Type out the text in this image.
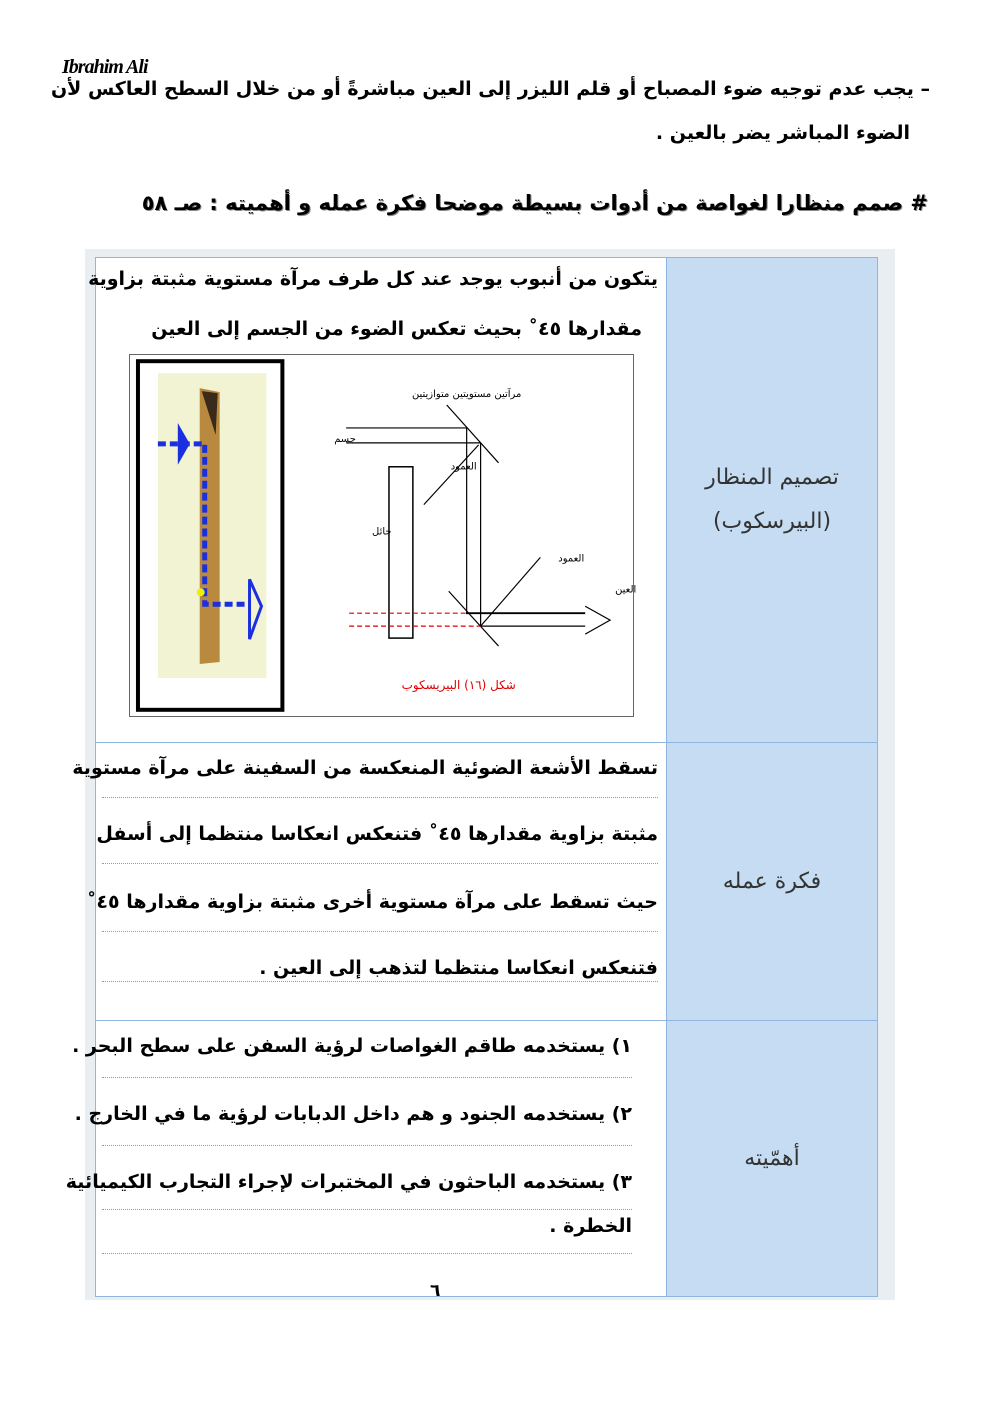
Ibrahim Ali
– يجب عدم توجيه ضوء المصباح أو قلم الليزر إلى العين مباشرةً أو من خلال السطح العاكس لأن
الضوء المباشر يضر بالعين .
# صمم منظارا لغواصة من أدوات بسيطة موضحا فكرة عمله و أهميته : صـ ٥٨
تصميم المنظار
(البيرسكوب)
يتكون من أنبوب يوجد عند كل طرف مرآة مستوية مثبتة بزاوية
مقدارها ٤٥˚ بحيث تعكس الضوء من الجسم إلى العين
مرآتين مستويتين متوازيتين
جسم
العمود
حائل
العمود
العين
شكل (١٦) البيريسكوب
فكرة عمله
تسقط الأشعة الضوئية المنعكسة من السفينة على مرآة مستوية
مثبتة بزاوية مقدارها ٤٥˚ فتنعكس انعكاسا منتظما إلى أسفل
حيث تسقط على مرآة مستوية أخرى مثبتة بزاوية مقدارها ٤٥˚
فتنعكس انعكاسا منتظما لتذهب إلى العين .
أهمّيته
١) يستخدمه طاقم الغواصات لرؤية السفن على سطح البحر .
٢) يستخدمه الجنود و هم داخل الدبابات لرؤية ما في الخارج .
٣) يستخدمه الباحثون في المختبرات لإجراء التجارب الكيميائية
الخطرة .
٦
